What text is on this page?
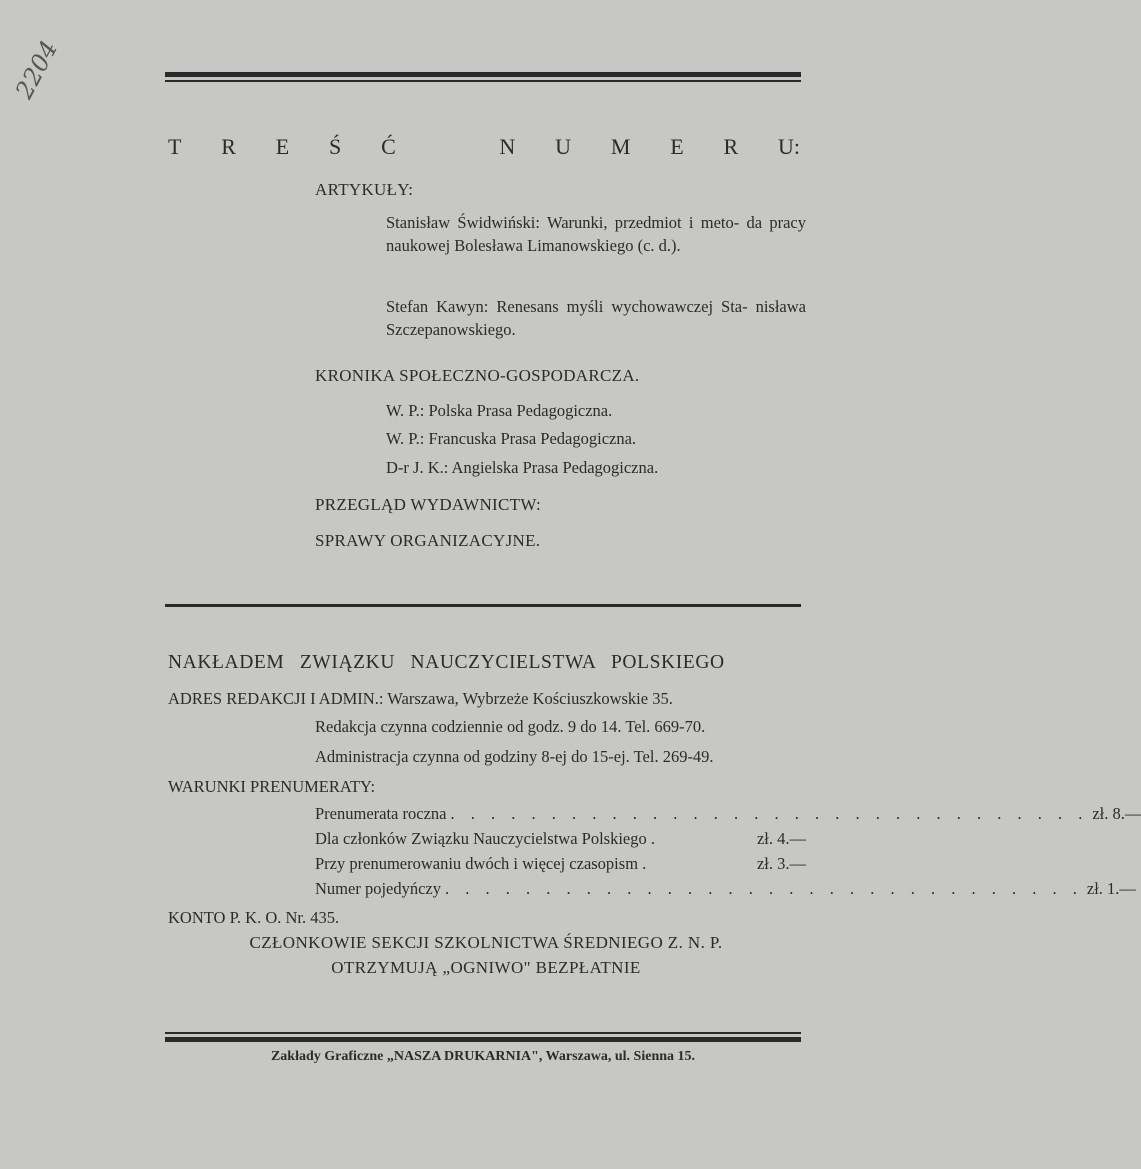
2204
T R E Ś Ć	N U M E R U:
ARTYKUŁY:
Stanisław Świdwiński: Warunki, przedmiot i meto- da pracy naukowej Bolesława Limanowskiego (c. d.).
Stefan Kawyn: Renesans myśli wychowawczej Sta- nisława Szczepanowskiego.
KRONIKA SPOŁECZNO-GOSPODARCZA.
W. P.: Polska Prasa Pedagogiczna.
W. P.: Francuska Prasa Pedagogiczna.
D-r J. K.: Angielska Prasa Pedagogiczna.
PRZEGLĄD WYDAWNICTW:
SPRAWY ORGANIZACYJNE.
NAKŁADEM ZWIĄZKU NAUCZYCIELSTWA POLSKIEGO
ADRES REDAKCJI I ADMIN.: Warszawa, Wybrzeże Kościuszkowskie 35.
Redakcja czynna codziennie od godz. 9 do 14. Tel. 669-70.
Administracja czynna od godziny 8-ej do 15-ej. Tel. 269-49.
WARUNKI PRENUMERATY:
Prenumerata roczna . . . . . . . . . . . . . . . . . . . . . . . . . . . . . . . . zł. 8.—
Dla członków Związku Nauczycielstwa Polskiego .	zł. 4.—
Przy prenumerowaniu dwóch i więcej czasopism .	zł. 3.—
Numer pojedyńczy . . . . . . . . . . . . . . . . . . . . . . . . . . . . . . . . zł. 1.—
KONTO P. K. O. Nr. 435.
CZŁONKOWIE SEKCJI SZKOLNICTWA ŚREDNIEGO Z. N. P.
OTRZYMUJĄ „OGNIWO" BEZPŁATNIE
Zakłady Graficzne „NASZA DRUKARNIA", Warszawa, ul. Sienna 15.
